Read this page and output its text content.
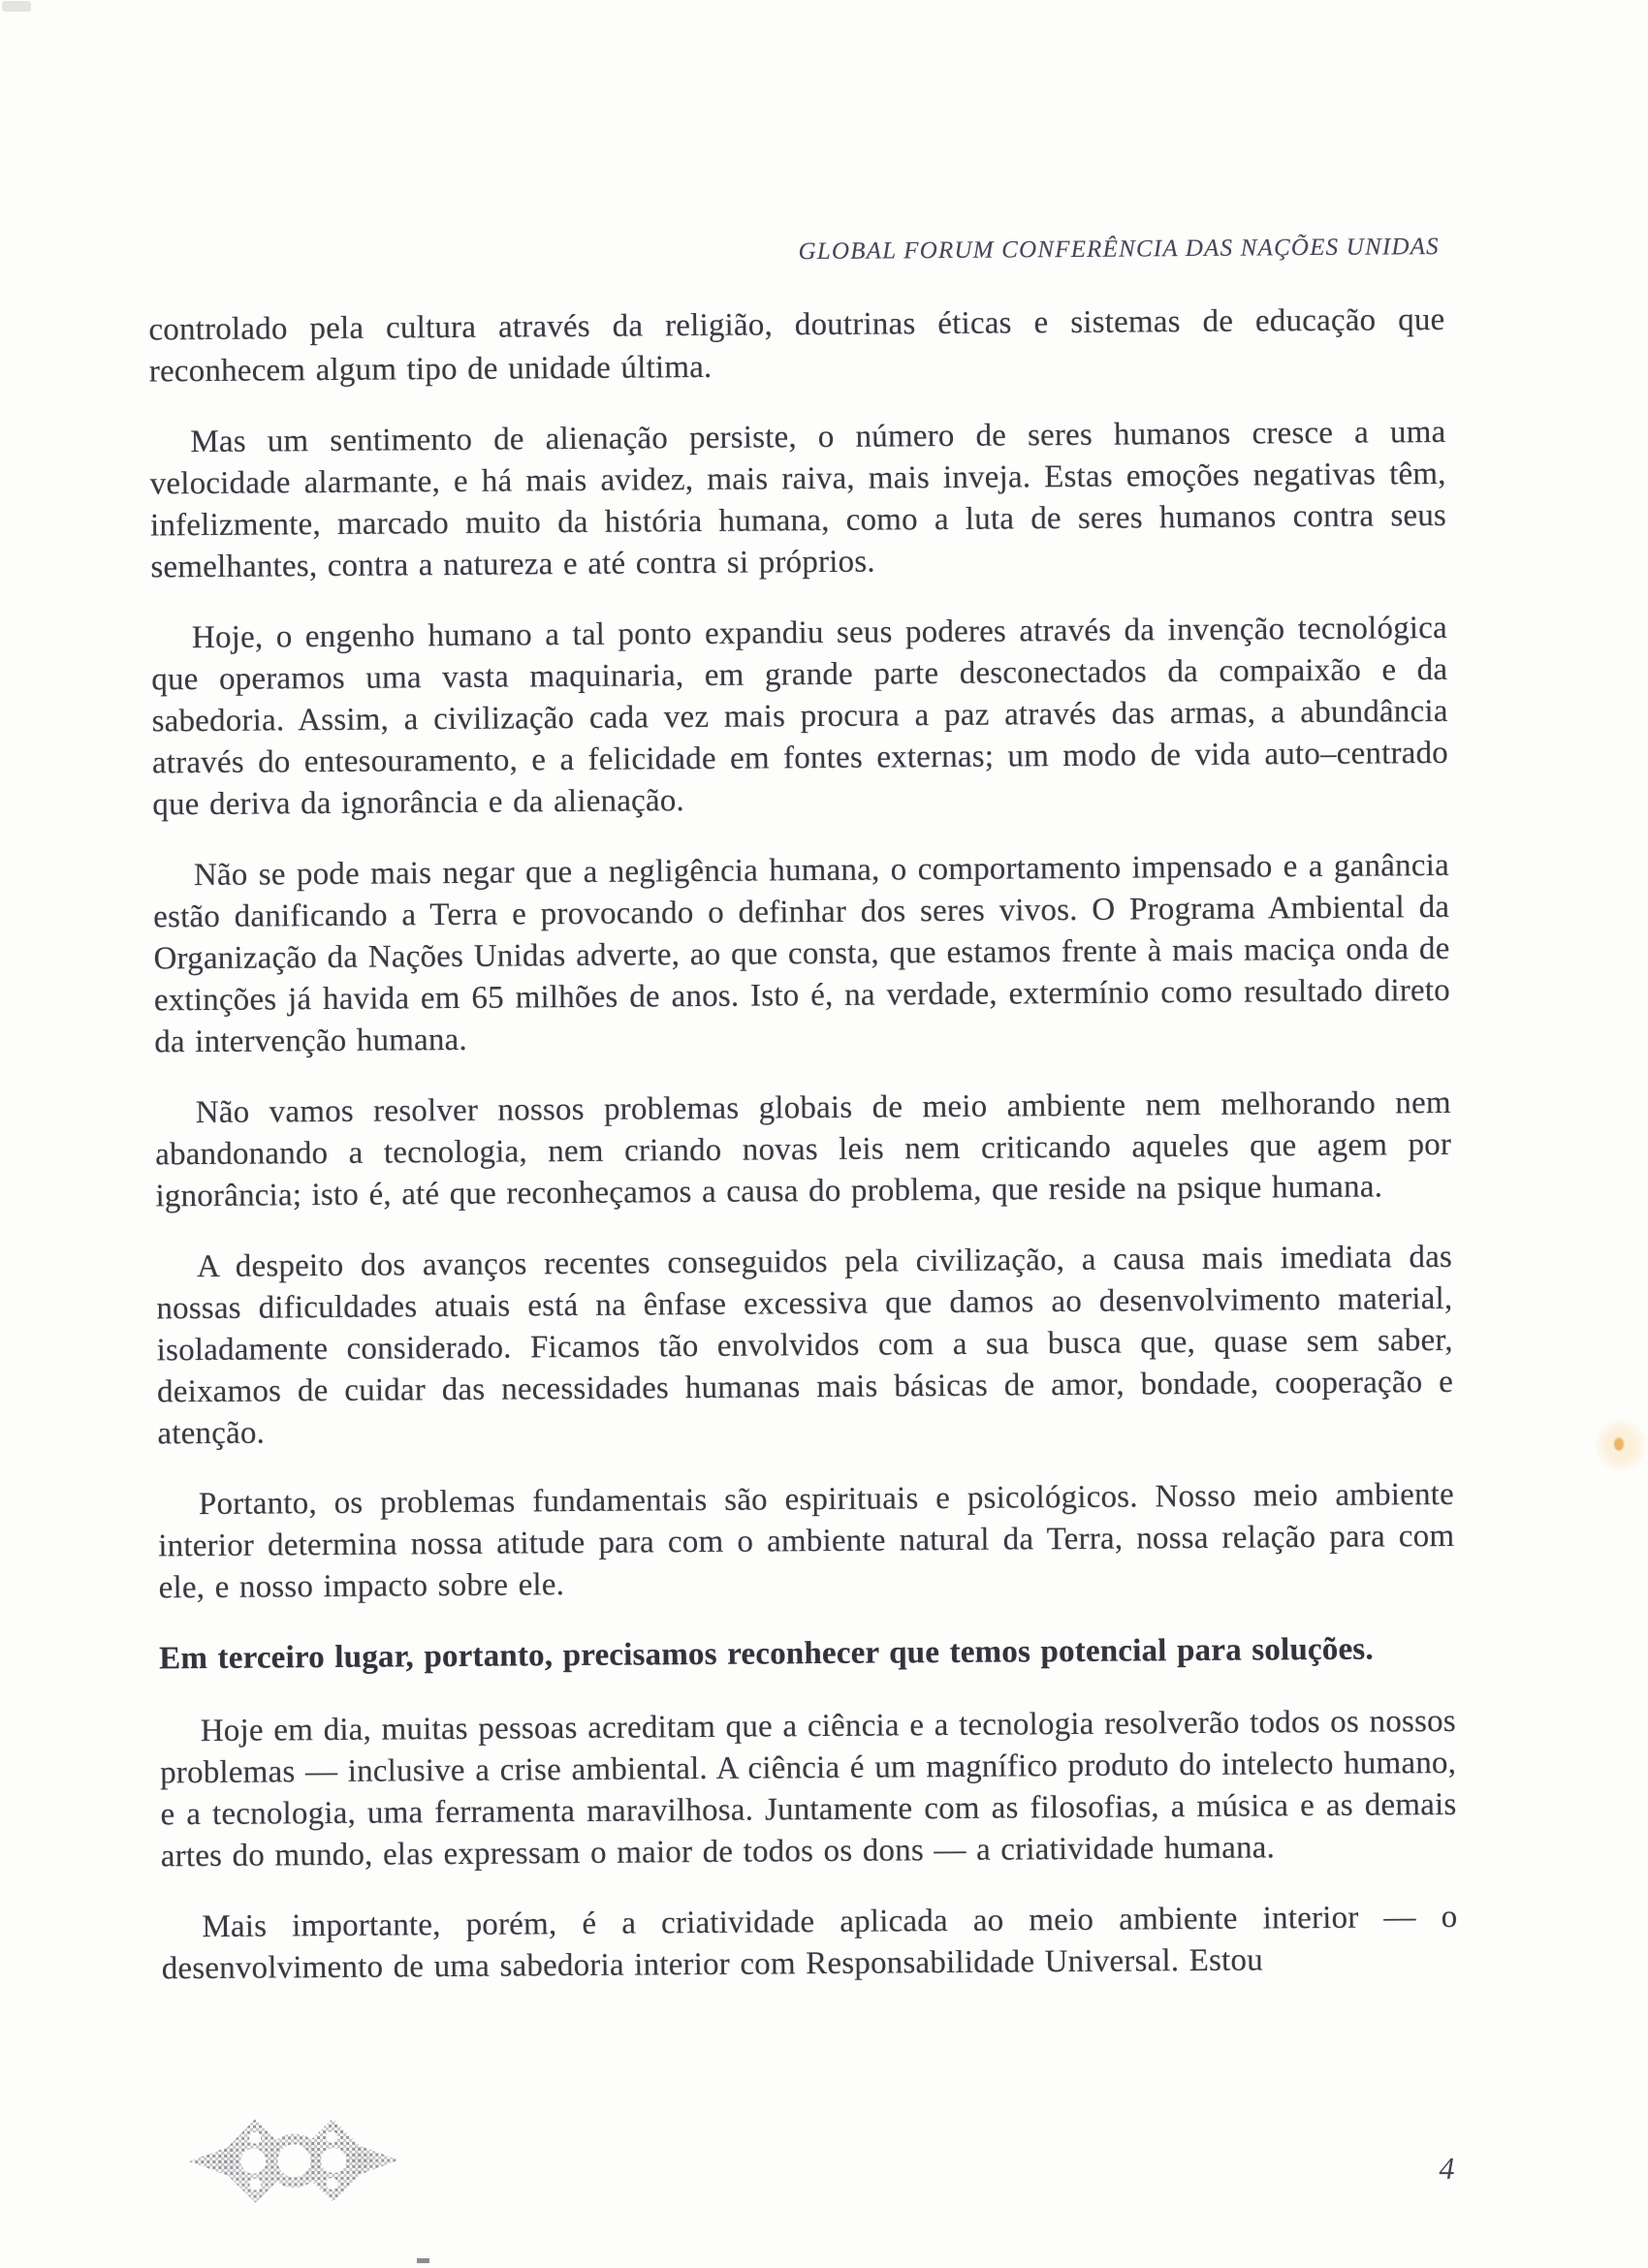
GLOBAL FORUM CONFERÊNCIA DAS NAÇÕES UNIDAS

controlado pela cultura através da religião, doutrinas éticas e sistemas de educação que reconhecem algum tipo de unidade última.

Mas um sentimento de alienação persiste, o número de seres humanos cresce a uma velocidade alarmante, e há mais avidez, mais raiva, mais inveja. Estas emoções negativas têm, infelizmente, marcado muito da história humana, como a luta de seres humanos contra seus semelhantes, contra a natureza e até contra si próprios.

Hoje, o engenho humano a tal ponto expandiu seus poderes através da invenção tecnológica que operamos uma vasta maquinaria, em grande parte desconectados da compaixão e da sabedoria. Assim, a civilização cada vez mais procura a paz através das armas, a abundância através do entesouramento, e a felicidade em fontes externas; um modo de vida auto–centrado que deriva da ignorância e da alienação.

Não se pode mais negar que a negligência humana, o comportamento impensado e a ganância estão danificando a Terra e provocando o definhar dos seres vivos. O Programa Ambiental da Organização da Nações Unidas adverte, ao que consta, que estamos frente à mais maciça onda de extinções já havida em 65 milhões de anos. Isto é, na verdade, extermínio como resultado direto da intervenção humana.

Não vamos resolver nossos problemas globais de meio ambiente nem melhorando nem abandonando a tecnologia, nem criando novas leis nem criticando aqueles que agem por ignorância; isto é, até que reconheçamos a causa do problema, que reside na psique humana.

A despeito dos avanços recentes conseguidos pela civilização, a causa mais imediata das nossas dificuldades atuais está na ênfase excessiva que damos ao desenvolvimento material, isoladamente considerado. Ficamos tão envolvidos com a sua busca que, quase sem saber, deixamos de cuidar das necessidades humanas mais básicas de amor, bondade, cooperação e atenção.

Portanto, os problemas fundamentais são espirituais e psicológicos. Nosso meio ambiente interior determina nossa atitude para com o ambiente natural da Terra, nossa relação para com ele, e nosso impacto sobre ele.

Em terceiro lugar, portanto, precisamos reconhecer que temos potencial para soluções.

Hoje em dia, muitas pessoas acreditam que a ciência e a tecnologia resolverão todos os nossos problemas — inclusive a crise ambiental. A ciência é um magnífico produto do intelecto humano, e a tecnologia, uma ferramenta maravilhosa. Juntamente com as filosofias, a música e as demais artes do mundo, elas expressam o maior de todos os dons — a criatividade humana.

Mais importante, porém, é a criatividade aplicada ao meio ambiente interior — o desenvolvimento de uma sabedoria interior com Responsabilidade Universal. Estou

4
